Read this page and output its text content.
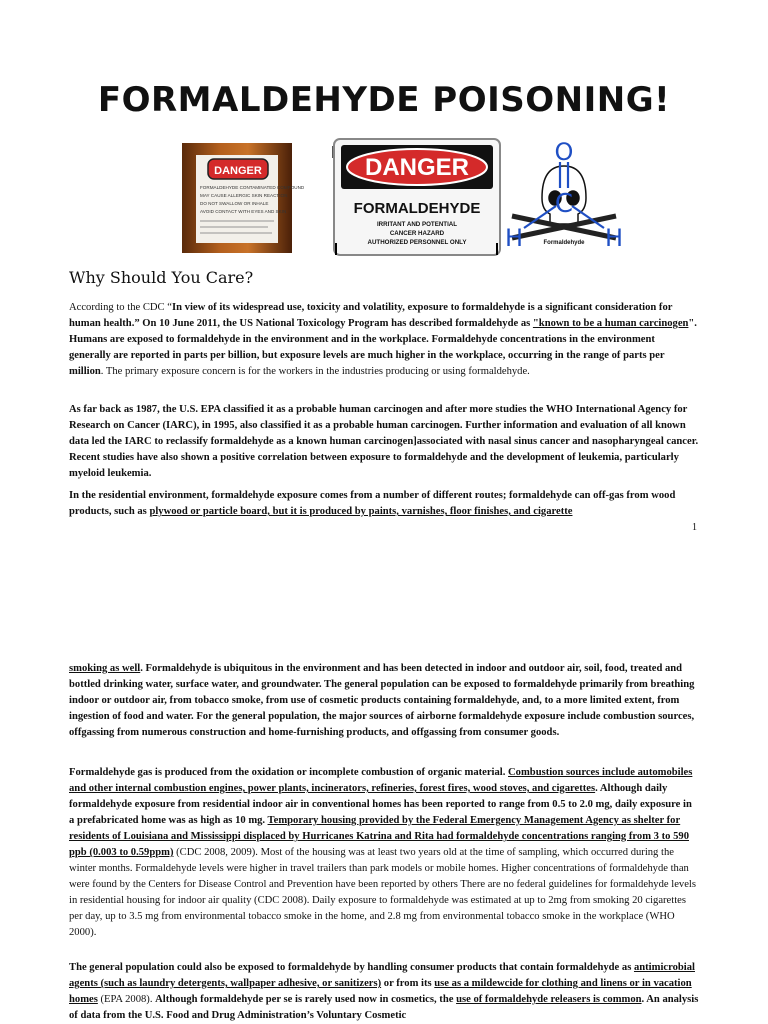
FORMALDEHYDE POISONING!
DANGER
FORMALDEHYDE CONTAMINATED COMPOUND
MAY CAUSE ALLERGIC SKIN REACTION
DO NOT SWALLOW OR INHALE
AVOID CONTACT WITH EYES AND SKIN
DANGER
FORMALDEHYDE
IRRITANT AND POTENTIAL
CANCER HAZARD
AUTHORIZED PERSONNEL ONLY
O
C
H	H
Formaldehyde
Why Should You Care?

According to the CDC “In view of its widespread use, toxicity and volatility, exposure to formaldehyde is a significant consideration for human health.” On 10 June 2011, the US National Toxicology Program has described formaldehyde as "known to be a human carcinogen". Humans are exposed to formaldehyde in the environment and in the workplace. Formaldehyde concentrations in the environment generally are reported in parts per billion, but exposure levels are much higher in the workplace, occurring in the range of parts per million. The primary exposure concern is for the workers in the industries producing or using formaldehyde.

As far back as 1987, the U.S. EPA classified it as a probable human carcinogen and after more studies the WHO International Agency for Research on Cancer (IARC), in 1995, also classified it as a probable human carcinogen. Further information and evaluation of all known data led the IARC to reclassify formaldehyde as a known human carcinogen]associated with nasal sinus cancer and nasopharyngeal cancer. Recent studies have also shown a positive correlation between exposure to formaldehyde and the development of leukemia, particularly myeloid leukemia.

In the residential environment, formaldehyde exposure comes from a number of different routes; formaldehyde can off-gas from wood products, such as plywood or particle board, but it is produced by paints, varnishes, floor finishes, and cigarette

1

smoking as well. Formaldehyde is ubiquitous in the environment and has been detected in indoor and outdoor air, soil, food, treated and bottled drinking water, surface water, and groundwater. The general population can be exposed to formaldehyde primarily from breathing indoor or outdoor air, from tobacco smoke, from use of cosmetic products containing formaldehyde, and, to a more limited extent, from ingestion of food and water. For the general population, the major sources of airborne formaldehyde exposure include combustion sources, offgassing from numerous construction and home-furnishing products, and offgassing from consumer goods.

Formaldehyde gas is produced from the oxidation or incomplete combustion of organic material. Combustion sources include automobiles and other internal combustion engines, power plants, incinerators, refineries, forest fires, wood stoves, and cigarettes. Although daily formaldehyde exposure from residential indoor air in conventional homes has been reported to range from 0.5 to 2.0 mg, daily exposure in a prefabricated home was as high as 10 mg. Temporary housing provided by the Federal Emergency Management Agency as shelter for residents of Louisiana and Mississippi displaced by Hurricanes Katrina and Rita had formaldehyde concentrations ranging from 3 to 590 ppb (0.003 to 0.59ppm) (CDC 2008, 2009). Most of the housing was at least two years old at the time of sampling, which occurred during the winter months. Formaldehyde levels were higher in travel trailers than park models or mobile homes. Higher concentrations of formaldehyde than were found by the Centers for Disease Control and Prevention have been reported by others There are no federal guidelines for formaldehyde levels in residential housing for indoor air quality (CDC 2008). Daily exposure to formaldehyde was estimated at up to 2mg from smoking 20 cigarettes per day, up to 3.5 mg from environmental tobacco smoke in the home, and 2.8 mg from environmental tobacco smoke in the workplace (WHO 2000).

The general population could also be exposed to formaldehyde by handling consumer products that contain formaldehyde as antimicrobial agents (such as laundry detergents, wallpaper adhesive, or sanitizers) or from its use as a mildewcide for clothing and linens or in vacation homes (EPA 2008). Although formaldehyde per se is rarely used now in cosmetics, the use of formaldehyde releasers is common. An analysis of data from the U.S. Food and Drug Administration’s Voluntary Cosmetic
